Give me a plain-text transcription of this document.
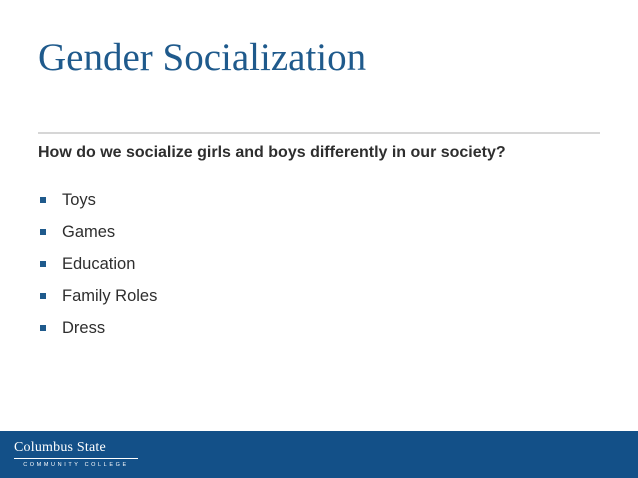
Gender Socialization

How do we socialize girls and boys differently in our society?

Toys
Games
Education
Family Roles
Dress
Columbus State
COMMUNITY COLLEGE
